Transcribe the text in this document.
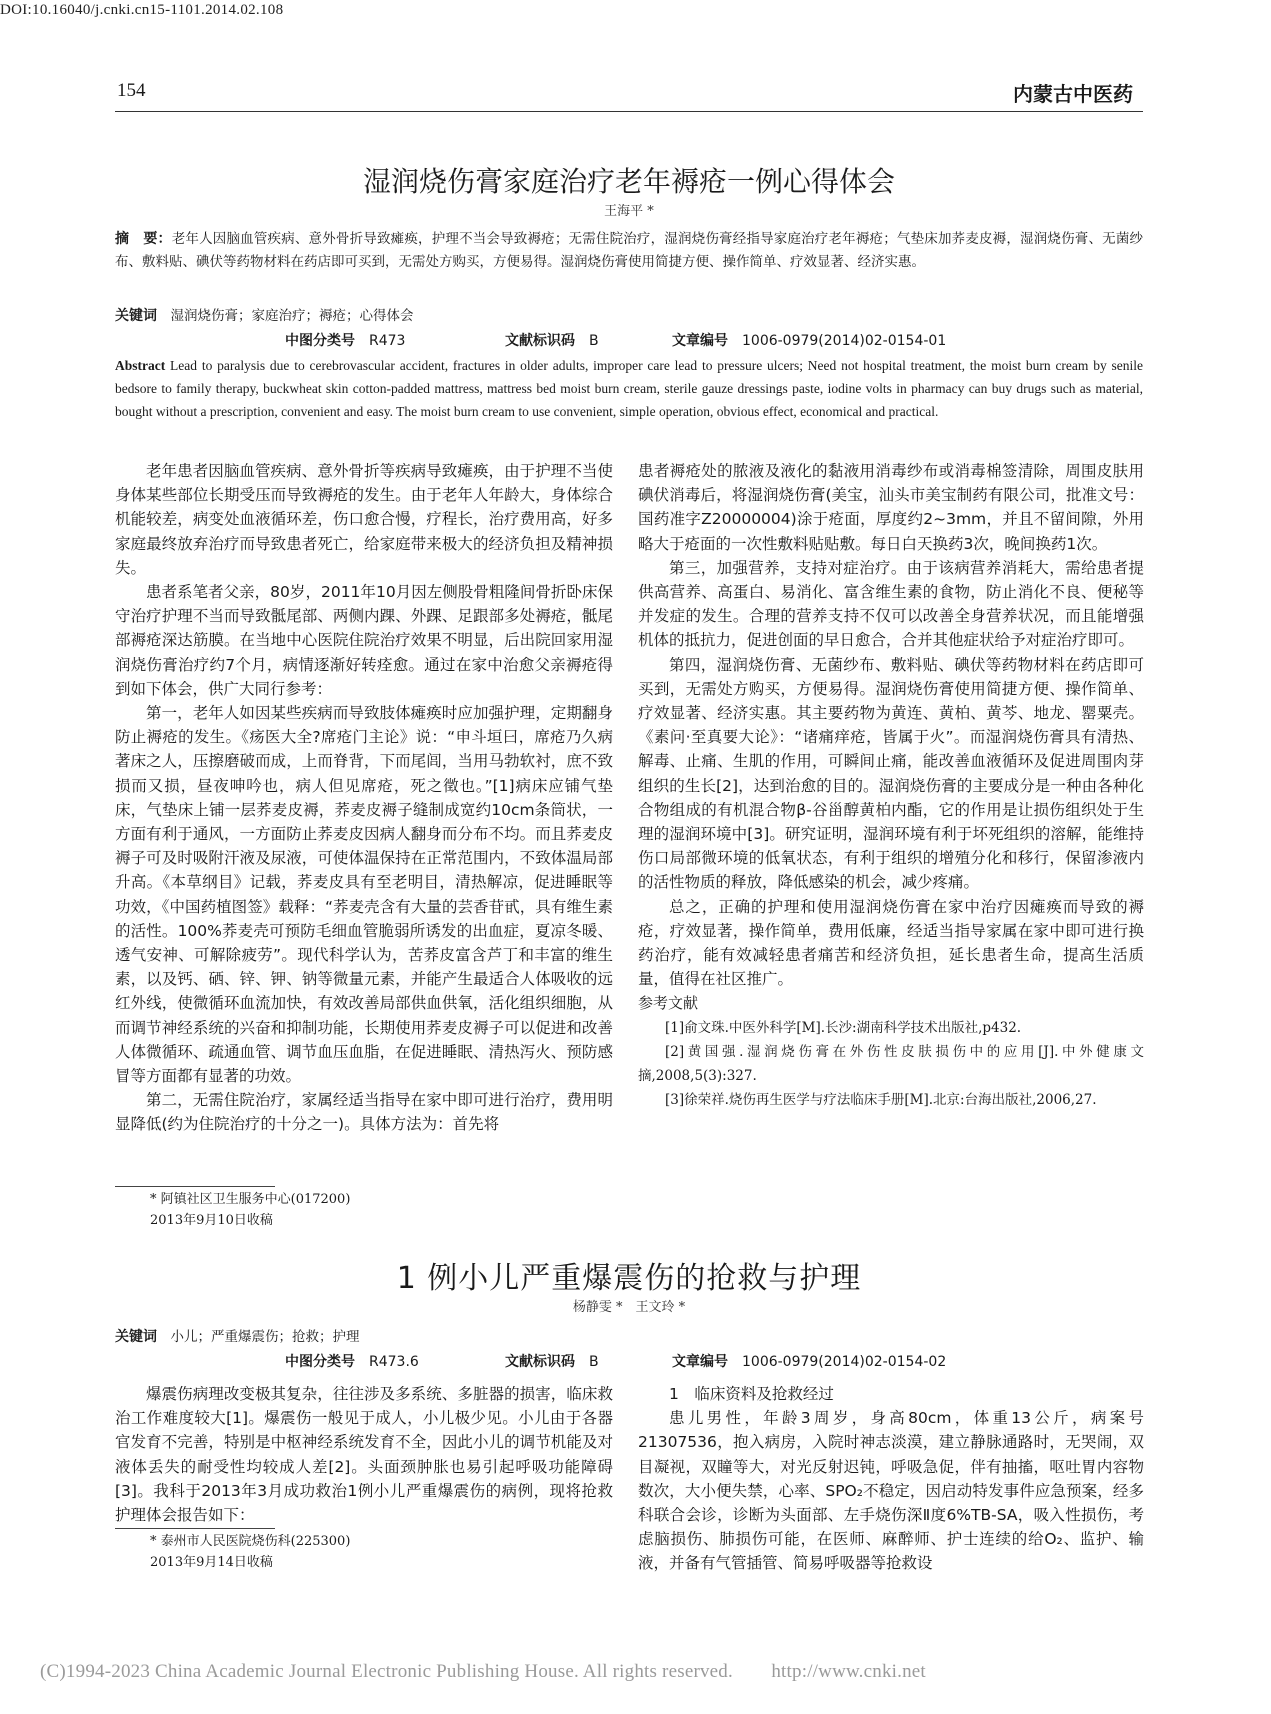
DOI:10.16040/j.cnki.cn15-1101.2014.02.108
154	内蒙古中医药
湿润烧伤膏家庭治疗老年褥疮一例心得体会
王海平 *
摘　要：老年人因脑血管疾病、意外骨折导致瘫痪，护理不当会导致褥疮；无需住院治疗，湿润烧伤膏经指导家庭治疗老年褥疮；气垫床加荞麦皮褥，湿润烧伤膏、无菌纱布、敷料贴、碘伏等药物材料在药店即可买到，无需处方购买，方便易得。湿润烧伤膏使用简捷方便、操作简单、疗效显著、经济实惠。
关键词　 湿润烧伤膏；家庭治疗；褥疮；心得体会
中图分类号　 R473	文献标识码　 B	文章编号　 1006-0979(2014)02-0154-01
Abstract Lead to paralysis due to cerebrovascular accident, fractures in older adults, improper care lead to pressure ulcers; Need not hospital treatment, the moist burn cream by senile bedsore to family therapy, buckwheat skin cotton-padded mattress, mattress bed moist burn cream, sterile gauze dressings paste, iodine volts in pharmacy can buy drugs such as material, bought without a prescription, convenient and easy. The moist burn cream to use convenient, simple operation, obvious effect, economical and practical.

老年患者因脑血管疾病、意外骨折等疾病导致瘫痪，由于护理不当使身体某些部位长期受压而导致褥疮的发生。由于老年人年龄大，身体综合机能较差，病变处血液循环差，伤口愈合慢，疗程长，治疗费用高，好多家庭最终放弃治疗而导致患者死亡，给家庭带来极大的经济负担及精神损失。

患者系笔者父亲，80岁，2011年10月因左侧股骨粗隆间骨折卧床保守治疗护理不当而导致骶尾部、两侧内踝、外踝、足跟部多处褥疮，骶尾部褥疮深达筋膜。在当地中心医院住院治疗效果不明显，后出院回家用湿润烧伤膏治疗约7个月，病情逐渐好转痊愈。通过在家中治愈父亲褥疮得到如下体会，供广大同行参考：

第一，老年人如因某些疾病而导致肢体瘫痪时应加强护理，定期翻身防止褥疮的发生。《疡医大全?席疮门主论》说：“申斗垣曰，席疮乃久病著床之人，压擦磨破而成，上而脊背，下而尾闾，当用马勃软衬，庶不致损而又损，昼夜呻吟也，病人但见席疮，死之徵也。”[1]病床应铺气垫床，气垫床上铺一层荞麦皮褥，荞麦皮褥子缝制成宽约10cm条筒状，一方面有利于通风，一方面防止荞麦皮因病人翻身而分布不均。而且荞麦皮褥子可及时吸附汗液及尿液，可使体温保持在正常范围内，不致体温局部升高。《本草纲目》记载，荞麦皮具有至老明目，清热解凉，促进睡眠等功效，《中国药植图签》载释：“荞麦壳含有大量的芸香苷甙，具有维生素的活性。100%荞麦壳可预防毛细血管脆弱所诱发的出血症，夏凉冬暖、透气安神、可解除疲劳”。现代科学认为，苦荞皮富含芦丁和丰富的维生素，以及钙、硒、锌、钾、钠等微量元素，并能产生最适合人体吸收的远红外线，使微循环血流加快，有效改善局部供血供氧，活化组织细胞，从而调节神经系统的兴奋和抑制功能，长期使用荞麦皮褥子可以促进和改善人体微循环、疏通血管、调节血压血脂，在促进睡眠、清热泻火、预防感冒等方面都有显著的功效。

第二，无需住院治疗，家属经适当指导在家中即可进行治疗，费用明显降低(约为住院治疗的十分之一)。具体方法为：首先将

* 阿镇社区卫生服务中心(017200)
2013年9月10日收稿

患者褥疮处的脓液及液化的黏液用消毒纱布或消毒棉签清除，周围皮肤用碘伏消毒后，将湿润烧伤膏(美宝，汕头市美宝制药有限公司，批准文号：国药准字Z20000004)涂于疮面，厚度约2~3mm，并且不留间隙，外用略大于疮面的一次性敷料贴贴敷。每日白天换药3次，晚间换药1次。

第三，加强营养，支持对症治疗。由于该病营养消耗大，需给患者提供高营养、高蛋白、易消化、富含维生素的食物，防止消化不良、便秘等并发症的发生。合理的营养支持不仅可以改善全身营养状况，而且能增强机体的抵抗力，促进创面的早日愈合，合并其他症状给予对症治疗即可。

第四，湿润烧伤膏、无菌纱布、敷料贴、碘伏等药物材料在药店即可买到，无需处方购买，方便易得。湿润烧伤膏使用简捷方便、操作简单、疗效显著、经济实惠。其主要药物为黄连、黄柏、黄芩、地龙、罂粟壳。《素问·至真要大论》：“诸痛痒疮，皆属于火”。而湿润烧伤膏具有清热、解毒、止痛、生肌的作用，可瞬间止痛，能改善血液循环及促进周围肉芽组织的生长[2]，达到治愈的目的。湿润烧伤膏的主要成分是一种由各种化合物组成的有机混合物β-谷甾醇黄柏内酯，它的作用是让损伤组织处于生理的湿润环境中[3]。研究证明，湿润环境有利于坏死组织的溶解，能维持伤口局部微环境的低氧状态，有利于组织的增殖分化和移行，保留渗液内的活性物质的释放，降低感染的机会，减少疼痛。

总之，正确的护理和使用湿润烧伤膏在家中治疗因瘫痪而导致的褥疮，疗效显著，操作简单，费用低廉，经适当指导家属在家中即可进行换药治疗，能有效减轻患者痛苦和经济负担，延长患者生命，提高生活质量，值得在社区推广。

参考文献

[1]俞文珠.中医外科学[M].长沙:湖南科学技术出版社,p432.

[2]黄国强.湿润烧伤膏在外伤性皮肤损伤中的应用[J].中外健康文摘,2008,5(3):327.

[3]徐荣祥.烧伤再生医学与疗法临床手册[M].北京:台海出版社,2006,27.

1 例小儿严重爆震伤的抢救与护理
杨静雯 *　王文玲 *
关键词　 小儿；严重爆震伤；抢救；护理
中图分类号　 R473.6	文献标识码　 B	文章编号　 1006-0979(2014)02-0154-02

爆震伤病理改变极其复杂，往往涉及多系统、多脏器的损害，临床救治工作难度较大[1]。爆震伤一般见于成人，小儿极少见。小儿由于各器官发育不完善，特别是中枢神经系统发育不全，因此小儿的调节机能及对液体丢失的耐受性均较成人差[2]。头面颈肿胀也易引起呼吸功能障碍[3]。我科于2013年3月成功救治1例小儿严重爆震伤的病例，现将抢救护理体会报告如下：

* 泰州市人民医院烧伤科(225300)
2013年9月14日收稿

1　临床资料及抢救经过

患儿男性，年龄3周岁，身高80cm，体重13公斤，病案号21307536，抱入病房，入院时神志淡漠，建立静脉通路时，无哭闹，双目凝视，双瞳等大，对光反射迟钝，呼吸急促，伴有抽搐，呕吐胃内容物数次，大小便失禁，心率、SPO₂不稳定，因启动特发事件应急预案，经多科联合会诊，诊断为头面部、左手烧伤深Ⅱ度6%TB-SA，吸入性损伤，考虑脑损伤、肺损伤可能，在医师、麻醉师、护士连续的给O₂、监护、输液，并备有气管插管、简易呼吸器等抢救设

(C)1994-2023 China Academic Journal Electronic Publishing House. All rights reserved.　　http://www.cnki.net
